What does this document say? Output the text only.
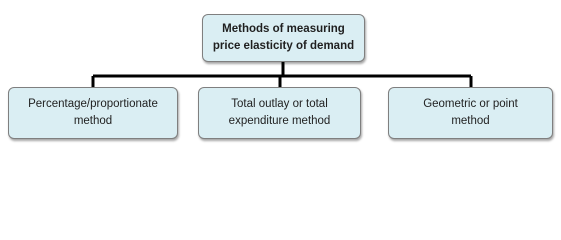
Methods of measuring
price elasticity of demand
Percentage/proportionate
method
Total outlay or total
expenditure method
Geometric or point
method
